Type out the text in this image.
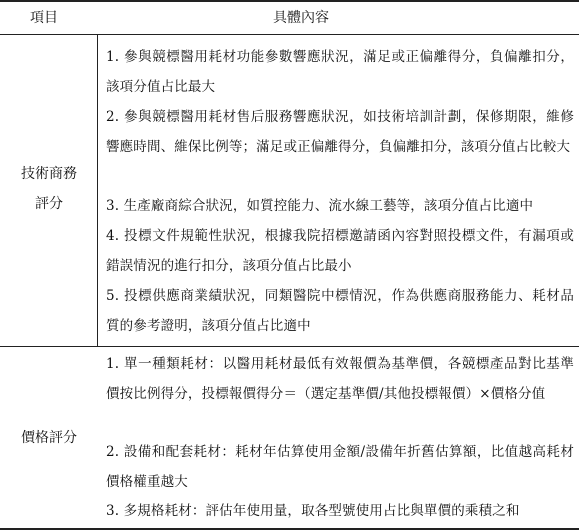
項目	具體內容
技術商務
評分

1. 參與競標醫用耗材功能參數響應狀況，滿足或正偏離得分，負偏離扣分，該項分值占比最大

2. 參與競標醫用耗材售后服務響應狀況，如技術培訓計劃，保修期限，維修響應時間、維保比例等；滿足或正偏離得分，負偏離扣分，該項分值占比較大

3. 生產廠商綜合狀況，如質控能力、流水線工藝等，該項分值占比適中

4. 投標文件規範性狀況，根據我院招標邀請函內容對照投標文件，有漏項或錯誤情況的進行扣分，該項分值占比最小

5. 投標供應商業績狀況，同類醫院中標情況，作為供應商服務能力、耗材品質的參考證明，該項分值占比適中

價格評分

1. 單一種類耗材：以醫用耗材最低有效報價為基準價，各競標產品對比基準價按比例得分，投標報價得分＝（選定基準價/其他投標報價）×價格分值

2. 設備和配套耗材：耗材年估算使用金額/設備年折舊估算額，比值越高耗材價格權重越大

3. 多規格耗材：評估年使用量，取各型號使用占比與單價的乘積之和
